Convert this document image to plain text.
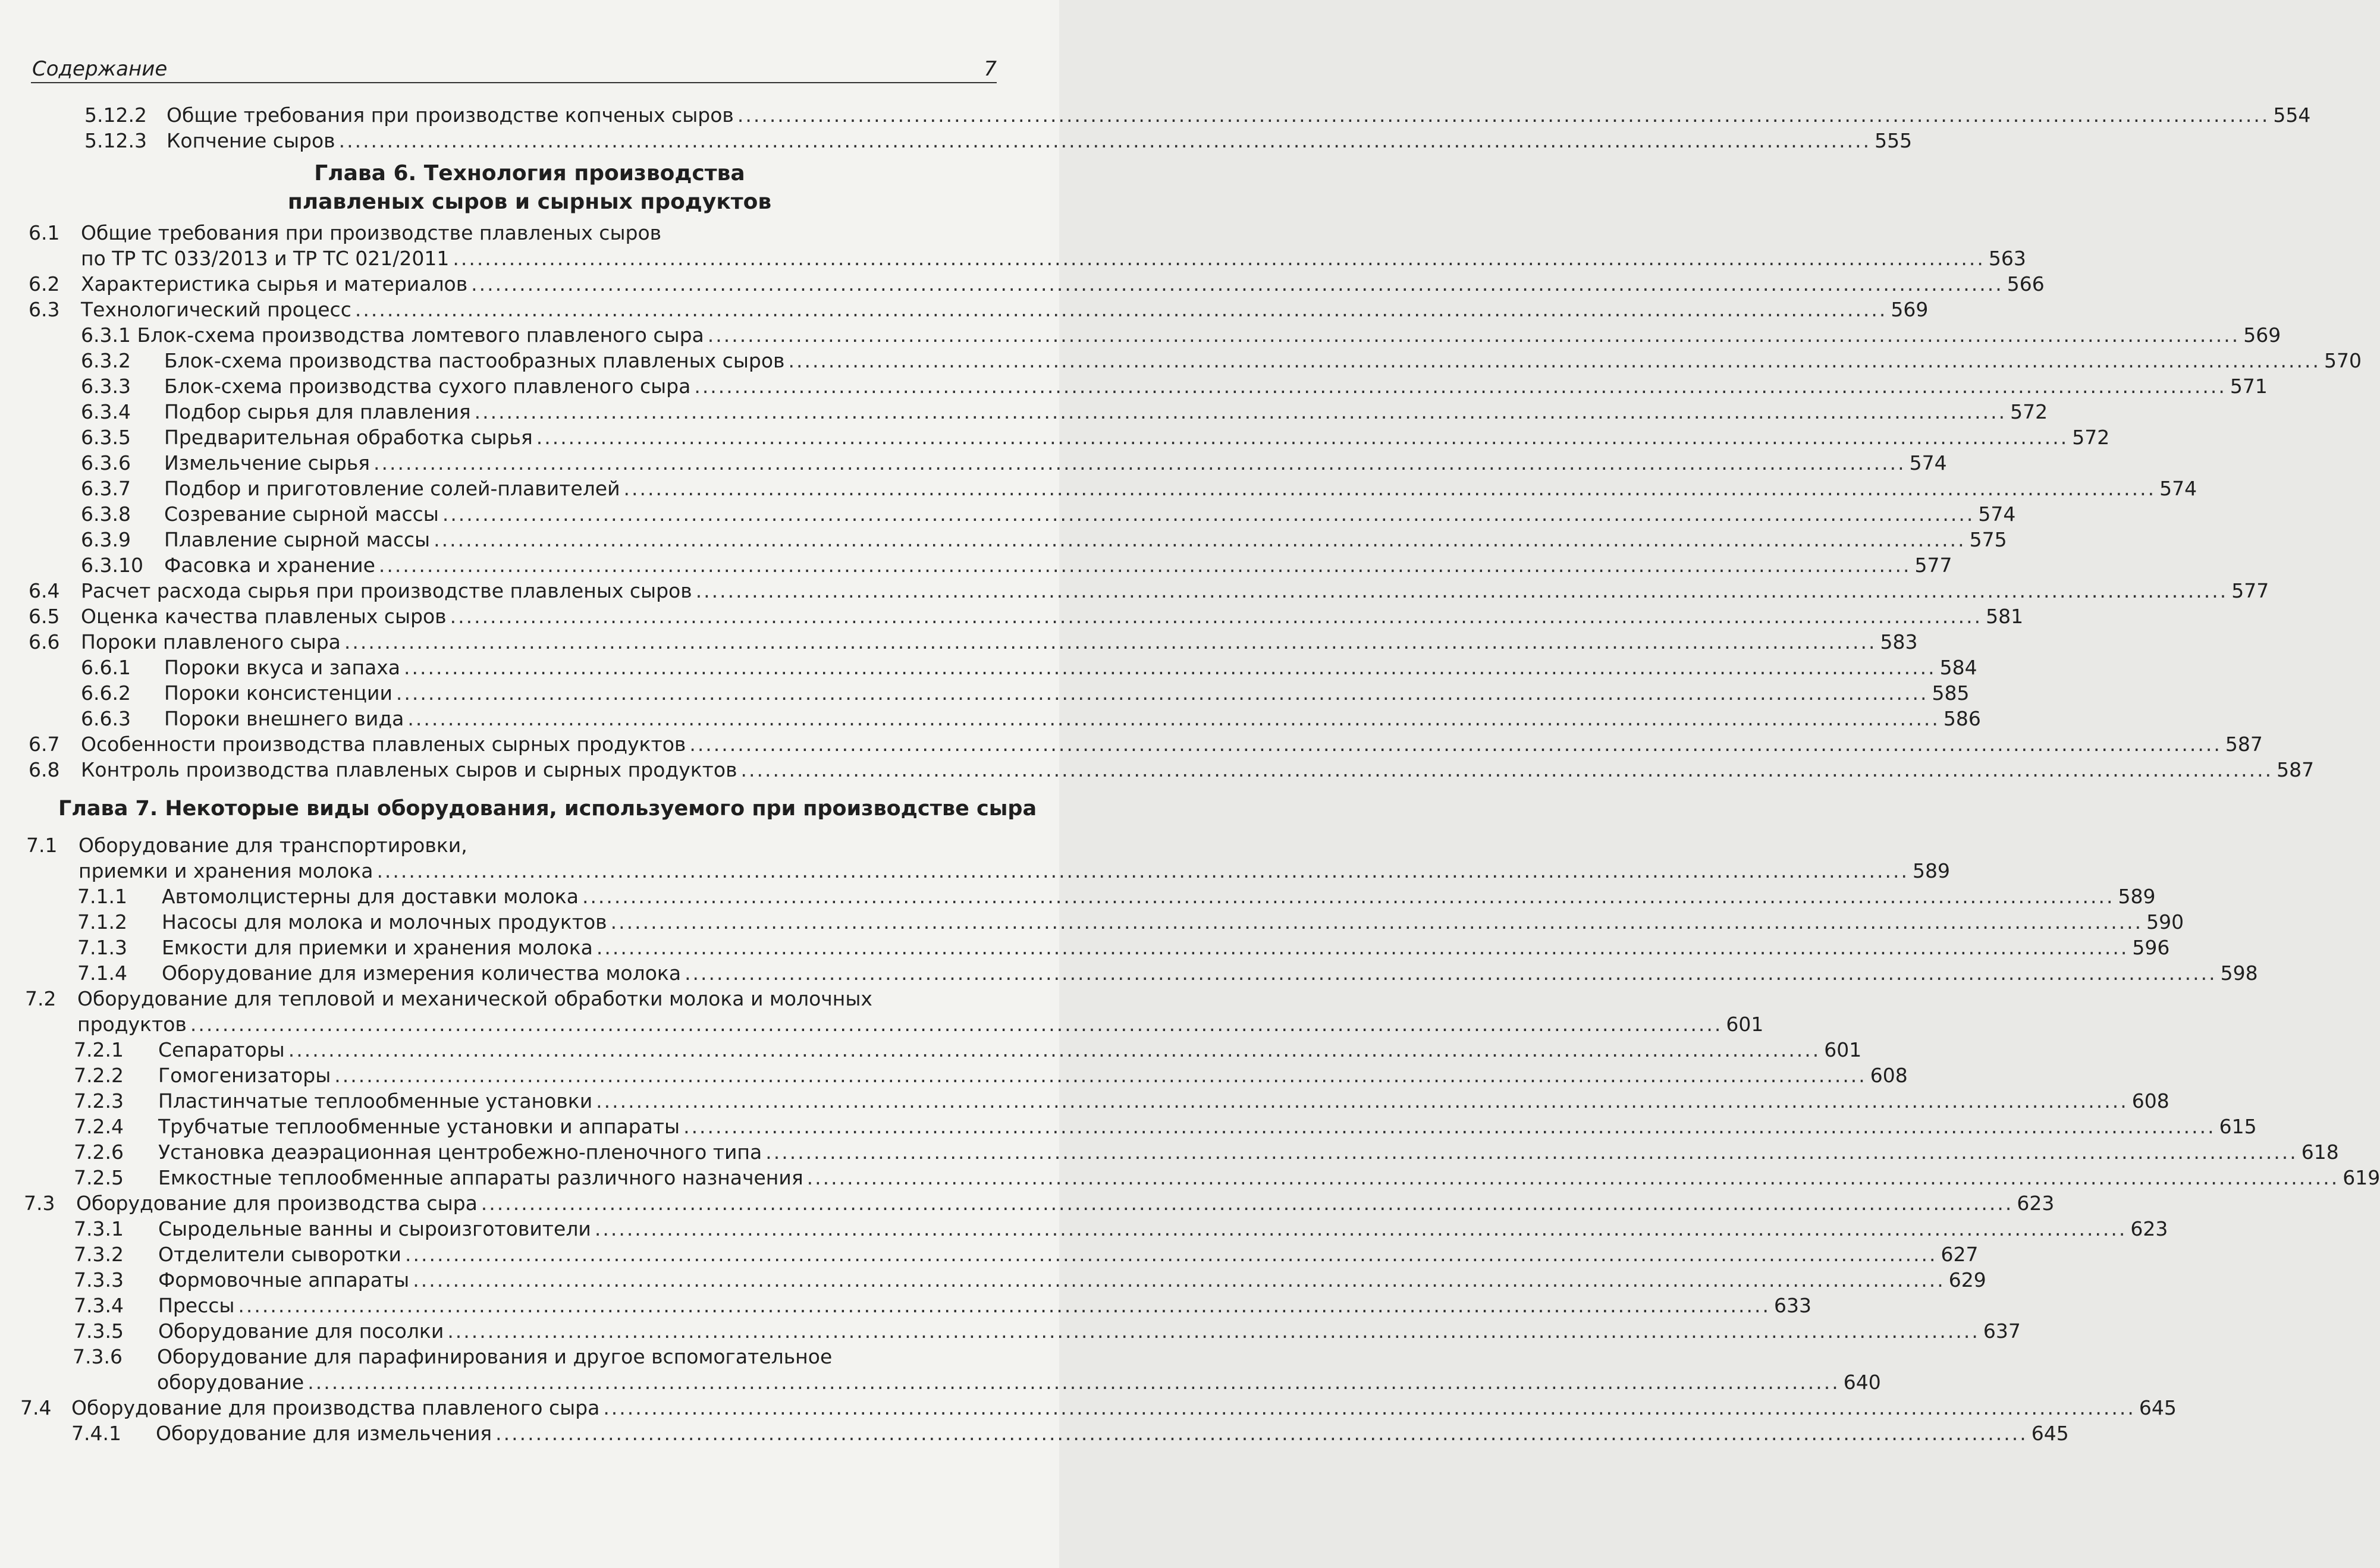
Содержание	7
5.12.2 Общие требования при производстве копченых сыров ............................................................................................................................................................................................... 554
5.12.3 Копчение сыров ............................................................................................................................................................................................... 555
Глава 6. Технология производства
плавленых сыров и сырных продуктов
6.1 Общие требования при производстве плавленых сыров
по ТР ТС 033/2013 и ТР ТС 021/2011 ............................................................................................................................................................................................... 563
6.2 Характеристика сырья и материалов ............................................................................................................................................................................................... 566
6.3 Технологический процесс ............................................................................................................................................................................................... 569
6.3.1 Блок-схема производства ломтевого плавленого сыра ............................................................................................................................................................................................... 569
6.3.2 Блок-схема производства пастообразных плавленых сыров ............................................................................................................................................................................................... 570
6.3.3 Блок-схема производства сухого плавленого сыра ............................................................................................................................................................................................... 571
6.3.4 Подбор сырья для плавления ............................................................................................................................................................................................... 572
6.3.5 Предварительная обработка сырья ............................................................................................................................................................................................... 572
6.3.6 Измельчение сырья ............................................................................................................................................................................................... 574
6.3.7 Подбор и приготовление солей-плавителей ............................................................................................................................................................................................... 574
6.3.8 Созревание сырной массы ............................................................................................................................................................................................... 574
6.3.9 Плавление сырной массы ............................................................................................................................................................................................... 575
6.3.10 Фасовка и хранение ............................................................................................................................................................................................... 577
6.4 Расчет расхода сырья при производстве плавленых сыров ............................................................................................................................................................................................... 577
6.5 Оценка качества плавленых сыров ............................................................................................................................................................................................... 581
6.6 Пороки плавленого сыра ............................................................................................................................................................................................... 583
6.6.1 Пороки вкуса и запаха ............................................................................................................................................................................................... 584
6.6.2 Пороки консистенции ............................................................................................................................................................................................... 585
6.6.3 Пороки внешнего вида ............................................................................................................................................................................................... 586
6.7 Особенности производства плавленых сырных продуктов ............................................................................................................................................................................................... 587
6.8 Контроль производства плавленых сыров и сырных продуктов ............................................................................................................................................................................................... 587
Глава 7. Некоторые виды оборудования, используемого при производстве сыра
7.1 Оборудование для транспортировки,
приемки и хранения молока ............................................................................................................................................................................................... 589
7.1.1 Автомолцистерны для доставки молока ............................................................................................................................................................................................... 589
7.1.2 Насосы для молока и молочных продуктов ............................................................................................................................................................................................... 590
7.1.3 Емкости для приемки и хранения молока ............................................................................................................................................................................................... 596
7.1.4 Оборудование для измерения количества молока ............................................................................................................................................................................................... 598
7.2 Оборудование для тепловой и механической обработки молока и молочных
продуктов ............................................................................................................................................................................................... 601
7.2.1 Сепараторы ............................................................................................................................................................................................... 601
7.2.2 Гомогенизаторы ............................................................................................................................................................................................... 608
7.2.3 Пластинчатые теплообменные установки ............................................................................................................................................................................................... 608
7.2.4 Трубчатые теплообменные установки и аппараты ............................................................................................................................................................................................... 615
7.2.6 Установка деаэрационная центробежно-пленочного типа ............................................................................................................................................................................................... 618
7.2.5 Емкостные теплообменные аппараты различного назначения ............................................................................................................................................................................................... 619
7.3 Оборудование для производства сыра ............................................................................................................................................................................................... 623
7.3.1 Сыродельные ванны и сыроизготовители ............................................................................................................................................................................................... 623
7.3.2 Отделители сыворотки ............................................................................................................................................................................................... 627
7.3.3 Формовочные аппараты ............................................................................................................................................................................................... 629
7.3.4 Прессы ............................................................................................................................................................................................... 633
7.3.5 Оборудование для посолки ............................................................................................................................................................................................... 637
7.3.6 Оборудование для парафинирования и другое вспомогательное
оборудование ............................................................................................................................................................................................... 640
7.4 Оборудование для производства плавленого сыра ............................................................................................................................................................................................... 645
7.4.1 Оборудование для измельчения ............................................................................................................................................................................................... 645
